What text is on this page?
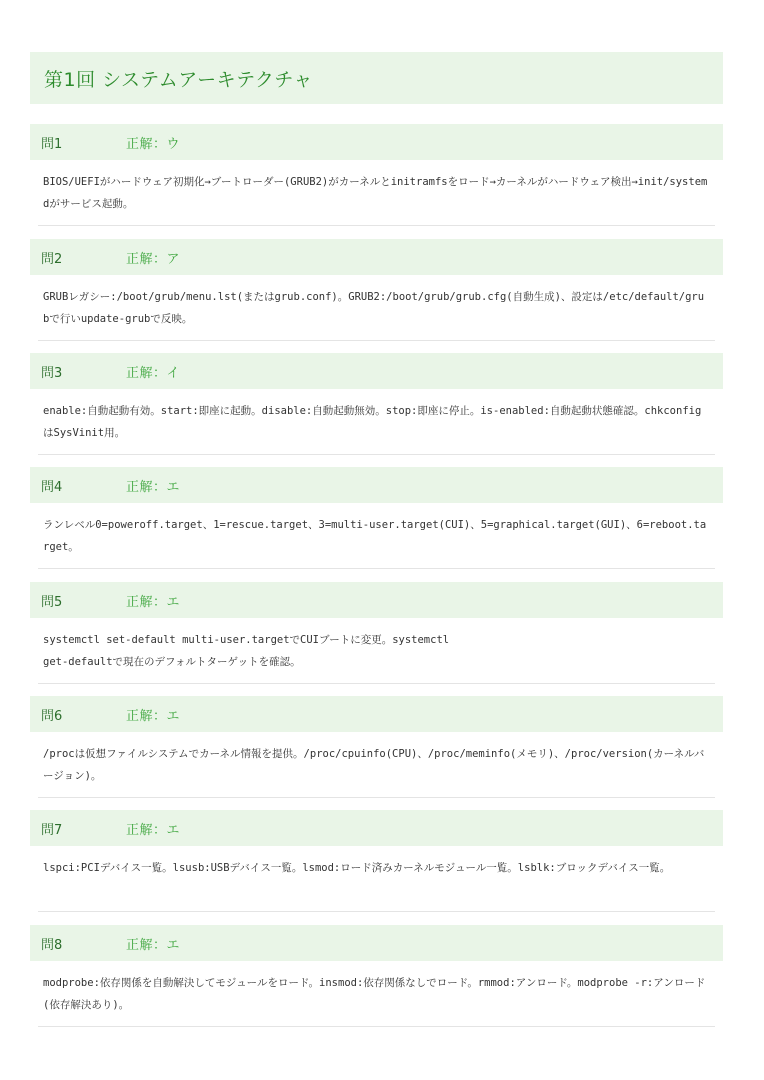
第1回 システムアーキテクチャ
問1	正解：ウ
BIOS/UEFIがハードウェア初期化→ブートローダー(GRUB2)がカーネルとinitramfsをロード→カーネルがハードウェア検出→init/systemdがサービス起動。
問2	正解：ア
GRUBレガシー:/boot/grub/menu.lst(またはgrub.conf)。GRUB2:/boot/grub/grub.cfg(自動生成)、設定は/etc/default/grubで行いupdate-grubで反映。
問3	正解：イ
enable:自動起動有効。start:即座に起動。disable:自動起動無効。stop:即座に停止。is-enabled:自動起動状態確認。chkconfigはSysVinit用。
問4	正解：エ
ランレベル0=poweroff.target、1=rescue.target、3=multi-user.target(CUI)、5=graphical.target(GUI)、6=reboot.target。
問5	正解：エ
systemctl set-default multi-user.targetでCUIブートに変更。systemctl
get-defaultで現在のデフォルトターゲットを確認。
問6	正解：エ
/procは仮想ファイルシステムでカーネル情報を提供。/proc/cpuinfo(CPU)、/proc/meminfo(メモリ)、/proc/version(カーネルバージョン)。
問7	正解：エ
lspci:PCIデバイス一覧。lsusb:USBデバイス一覧。lsmod:ロード済みカーネルモジュール一覧。lsblk:ブロックデバイス一覧。
問8	正解：エ
modprobe:依存関係を自動解決してモジュールをロード。insmod:依存関係なしでロード。rmmod:アンロード。modprobe -r:アンロード(依存解決あり)。
